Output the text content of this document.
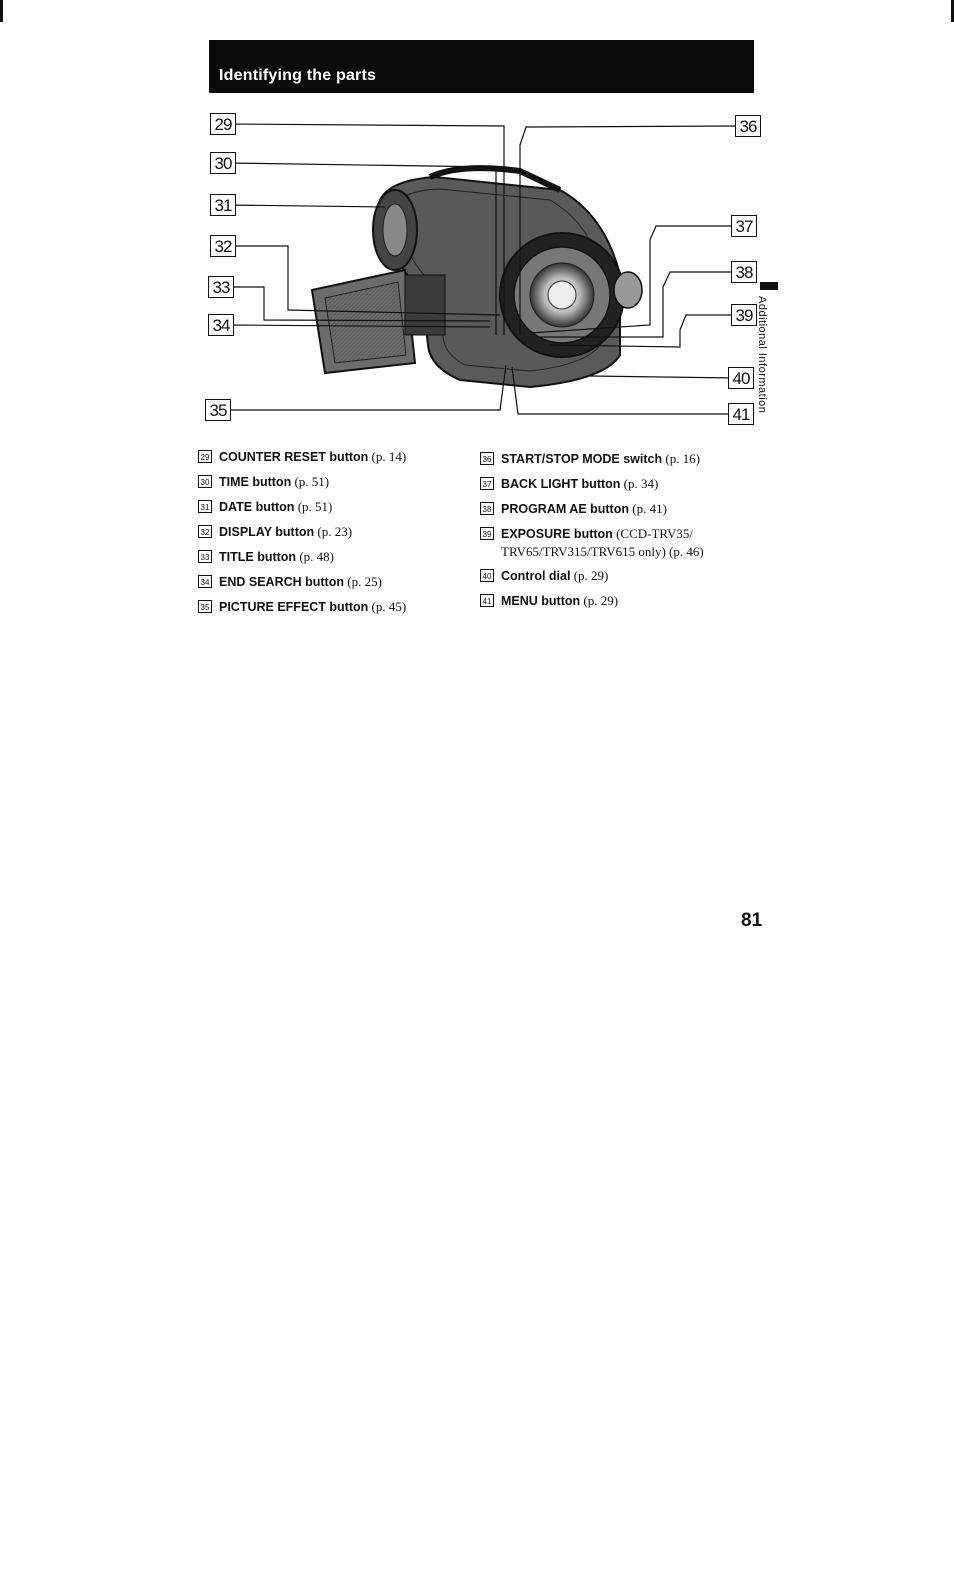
Identifying the parts
29
30
31
32
33
34
35
36
37
38
39
40
41
Additional Information
29 COUNTER RESET button (p. 14)
30 TIME button (p. 51)
31 DATE button (p. 51)
32 DISPLAY button (p. 23)
33 TITLE button (p. 48)
34 END SEARCH button (p. 25)
35 PICTURE EFFECT button (p. 45)
36 START/STOP MODE switch (p. 16)
37 BACK LIGHT button (p. 34)
38 PROGRAM AE button (p. 41)
39 EXPOSURE button (CCD-TRV35/ TRV65/TRV315/TRV615 only) (p. 46)
40 Control dial (p. 29)
41 MENU button (p. 29)
81
